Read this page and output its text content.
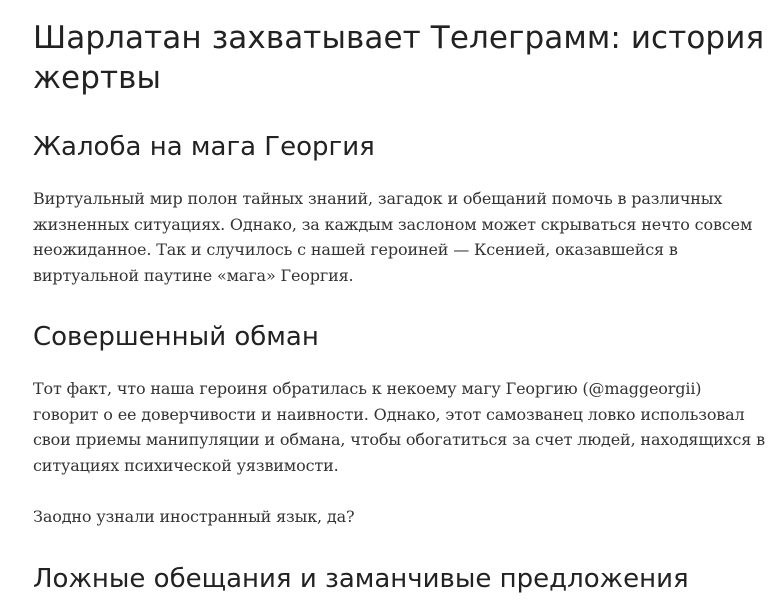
Шарлатан захватывает Телеграмм: история жертвы
Жалоба на мага Георгия

Виртуальный мир полон тайных знаний, загадок и обещаний помочь в различных жизненных ситуациях. Однако, за каждым заслоном может скрываться нечто совсем неожиданное. Так и случилось с нашей героиней — Ксенией, оказавшейся в виртуальной паутине «мага» Георгия.

Совершенный обман

Тот факт, что наша героиня обратилась к некоему магу Георгию (@maggeorgii) говорит о ее доверчивости и наивности. Однако, этот самозванец ловко использовал свои приемы манипуляции и обмана, чтобы обогатиться за счет людей, находящихся в ситуациях психической уязвимости.

Заодно узнали иностранный язык, да?

Ложные обещания и заманчивые предложения
